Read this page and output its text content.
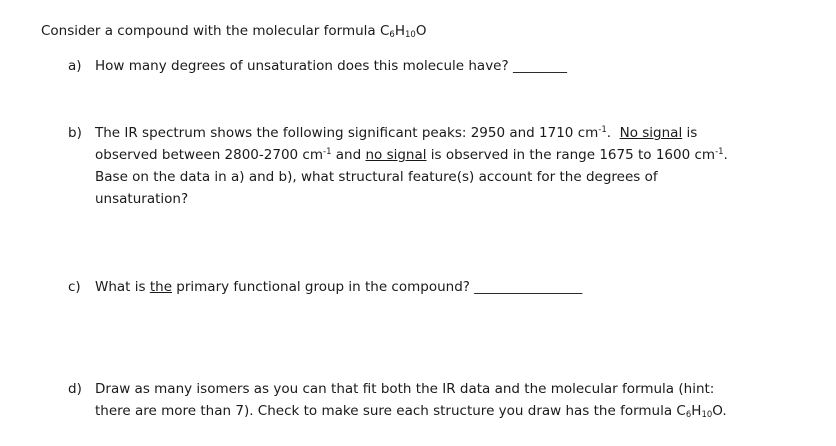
Consider a compound with the molecular formula $C_6H_{10}O$
a) How many degrees of unsaturation does this molecule have? ________
b) The IR spectrum shows the following significant peaks: 2950 and 1710 $cm^{-1}$.  No signal is
observed between 2800-2700 $cm^{-1}$ and no signal is observed in the range 1675 to 1600 $cm^{-1}$.
Base on the data in a) and b), what structural feature(s) account for the degrees of
unsaturation?
c) What is the primary functional group in the compound? ________________
d) Draw as many isomers as you can that fit both the IR data and the molecular formula (hint:
there are more than 7). Check to make sure each structure you draw has the formula $C_6H_{10}O$.
